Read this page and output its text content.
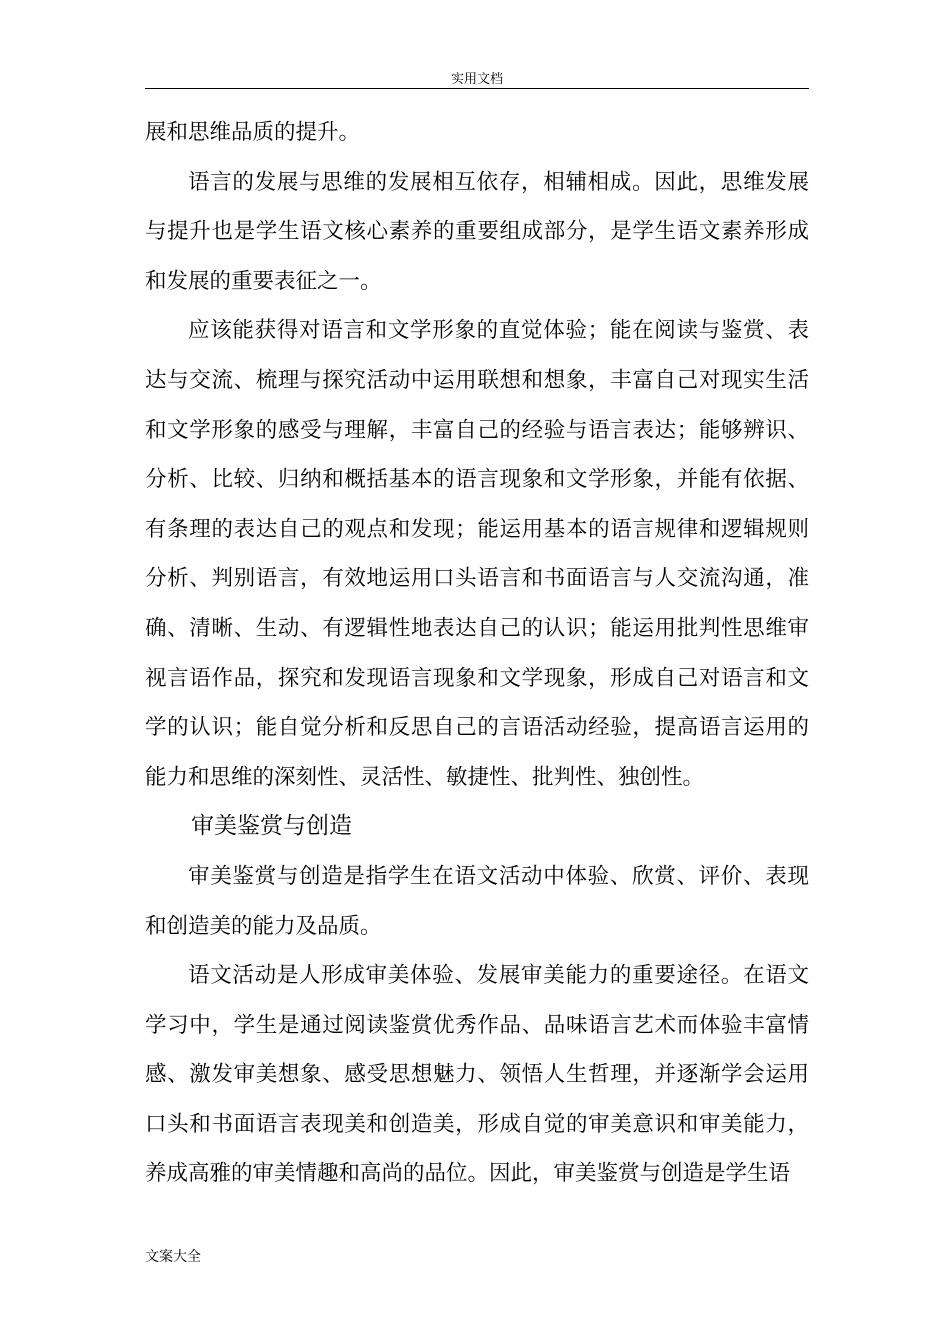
实用文档

展和思维品质的提升。

语言的发展与思维的发展相互依存，相辅相成。因此，思维发展与提升也是学生语文核心素养的重要组成部分，是学生语文素养形成和发展的重要表征之一。

应该能获得对语言和文学形象的直觉体验；能在阅读与鉴赏、表达与交流、梳理与探究活动中运用联想和想象，丰富自己对现实生活和文学形象的感受与理解，丰富自己的经验与语言表达；能够辨识、分析、比较、归纳和概括基本的语言现象和文学形象，并能有依据、有条理的表达自己的观点和发现；能运用基本的语言规律和逻辑规则分析、判别语言，有效地运用口头语言和书面语言与人交流沟通，准确、清晰、生动、有逻辑性地表达自己的认识；能运用批判性思维审视言语作品，探究和发现语言现象和文学现象，形成自己对语言和文学的认识；能自觉分析和反思自己的言语活动经验，提高语言运用的能力和思维的深刻性、灵活性、敏捷性、批判性、独创性。

审美鉴赏与创造

审美鉴赏与创造是指学生在语文活动中体验、欣赏、评价、表现和创造美的能力及品质。

语文活动是人形成审美体验、发展审美能力的重要途径。在语文学习中，学生是通过阅读鉴赏优秀作品、品味语言艺术而体验丰富情感、激发审美想象、感受思想魅力、领悟人生哲理，并逐渐学会运用口头和书面语言表现美和创造美，形成自觉的审美意识和审美能力，养成高雅的审美情趣和高尚的品位。因此，审美鉴赏与创造是学生语

文案大全
